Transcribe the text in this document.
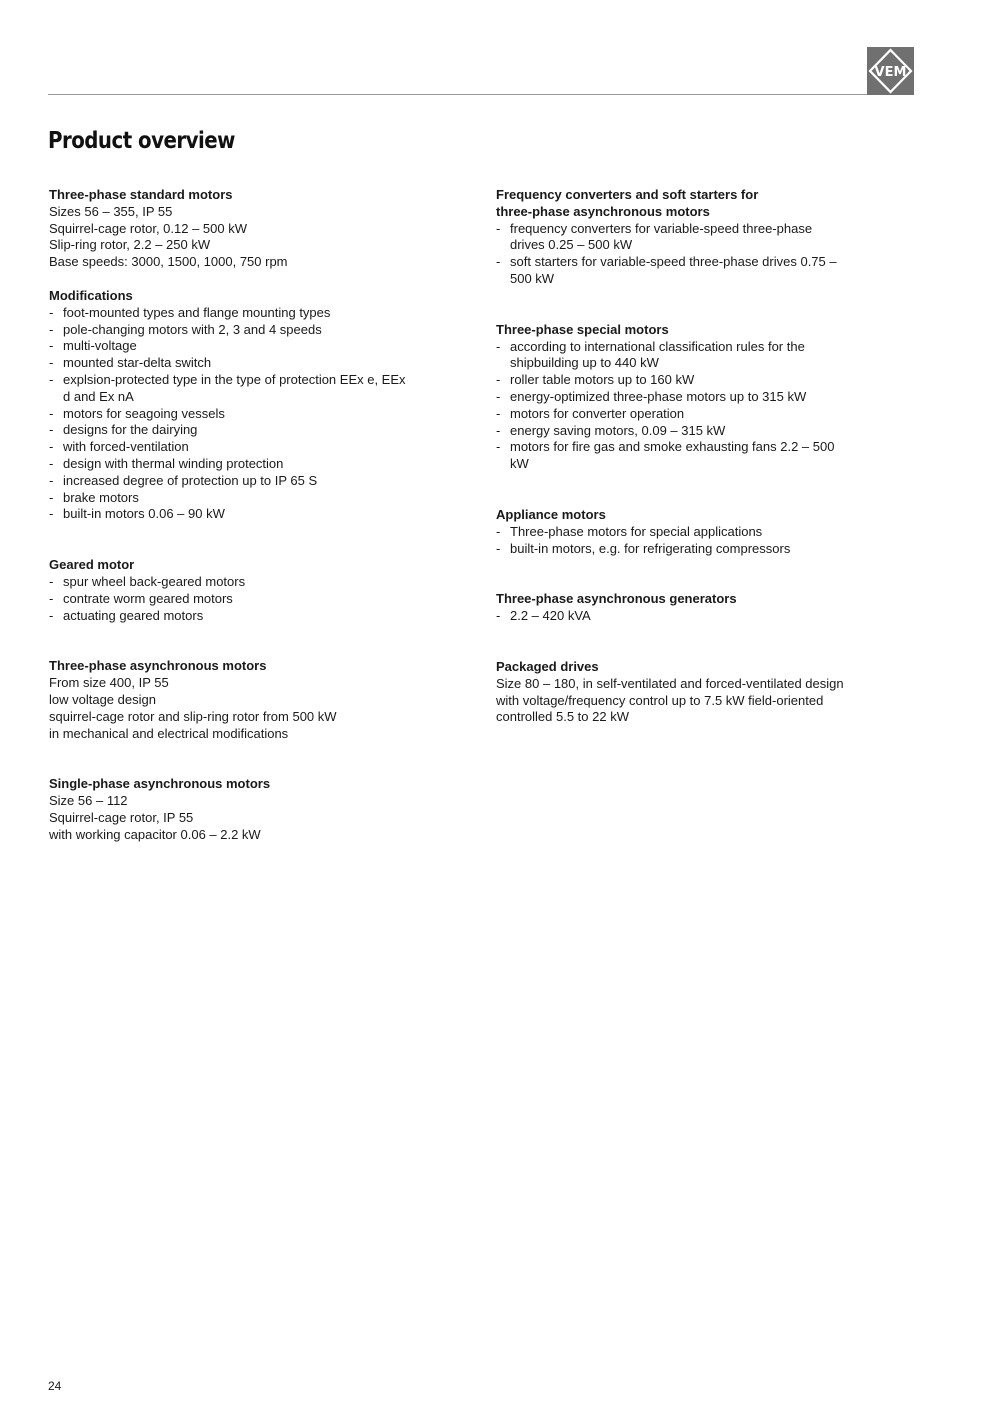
VEM
Product overview
Three-phase standard motors

Sizes 56 – 355, IP 55

Squirrel-cage rotor, 0.12 – 500 kW

Slip-ring rotor, 2.2 – 250 kW

Base speeds: 3000, 1500, 1000, 750 rpm

Modifications
- foot-mounted types and flange mounting types
- pole-changing motors with 2, 3 and 4 speeds
- multi-voltage
- mounted star-delta switch
- explsion-protected type in the type of protection EEx e, EEx d and Ex nA
- motors for seagoing vessels
- designs for the dairying
- with forced-ventilation
- design with thermal winding protection
- increased degree of protection up to IP 65 S
- brake motors
- built-in motors 0.06 – 90 kW
Geared motor
- spur wheel back-geared motors
- contrate worm geared motors
- actuating geared motors
Three-phase asynchronous motors

From size 400, IP 55

low voltage design

squirrel-cage rotor and slip-ring rotor from 500 kW

in mechanical and electrical modifications

Single-phase asynchronous motors

Size 56 – 112

Squirrel-cage rotor, IP 55

with working capacitor 0.06 – 2.2 kW

Frequency converters and soft starters for three-phase asynchronous motors
- frequency converters for variable-speed three-phase drives 0.25 – 500 kW
- soft starters for variable-speed three-phase drives 0.75 – 500 kW
Three-phase special motors
- according to international classification rules for the shipbuilding up to 440 kW
- roller table motors up to 160 kW
- energy-optimized three-phase motors up to 315 kW
- motors for converter operation
- energy saving motors, 0.09 – 315 kW
- motors for fire gas and smoke exhausting fans 2.2 – 500 kW
Appliance motors
- Three-phase motors for special applications
- built-in motors, e.g. for refrigerating compressors
Three-phase asynchronous generators
- 2.2 – 420 kVA
Packaged drives

Size 80 – 180, in self-ventilated and forced-ventilated design

with voltage/frequency control up to 7.5 kW field-oriented

controlled 5.5 to 22 kW

24
